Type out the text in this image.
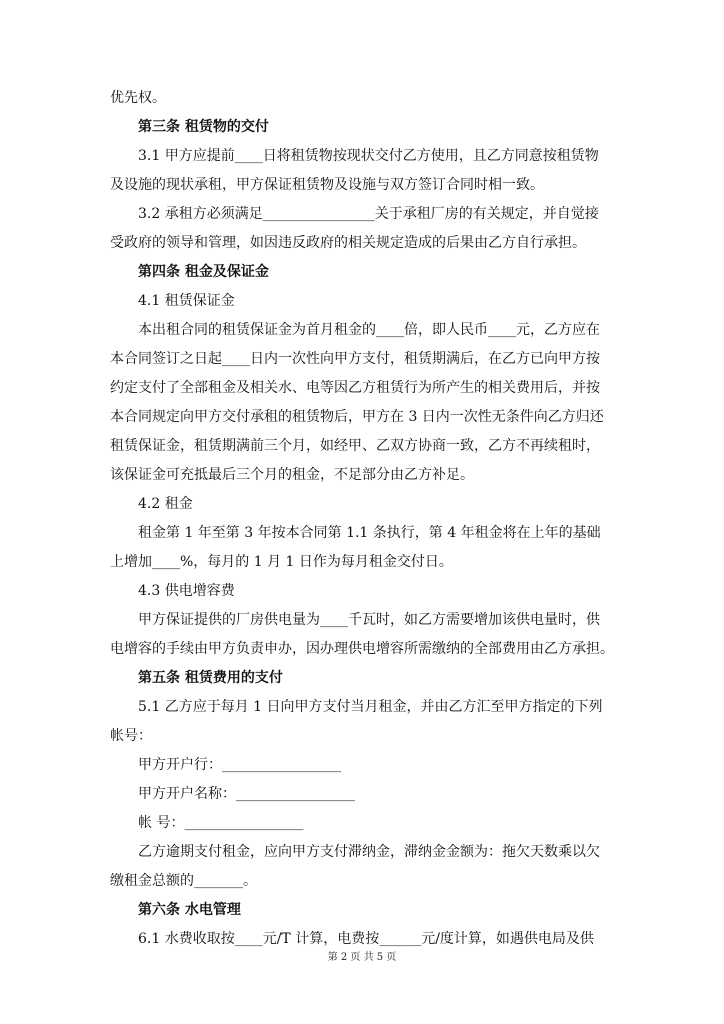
优先权。
第三条 租赁物的交付
3.1 甲方应提前____日将租赁物按现状交付乙方使用，且乙方同意按租赁物
及设施的现状承租，甲方保证租赁物及设施与双方签订合同时相一致。
3.2 承租方必须满足________________关于承租厂房的有关规定，并自觉接
受政府的领导和管理，如因违反政府的相关规定造成的后果由乙方自行承担。
第四条 租金及保证金
4.1 租赁保证金
本出租合同的租赁保证金为首月租金的____倍，即人民币____元，乙方应在
本合同签订之日起____日内一次性向甲方支付，租赁期满后，在乙方已向甲方按
约定支付了全部租金及相关水、电等因乙方租赁行为所产生的相关费用后，并按
本合同规定向甲方交付承租的租赁物后，甲方在 3 日内一次性无条件向乙方归还
租赁保证金，租赁期满前三个月，如经甲、乙双方协商一致，乙方不再续租时，
该保证金可充抵最后三个月的租金，不足部分由乙方补足。
4.2 租金
租金第 1 年至第 3 年按本合同第 1.1 条执行，第 4 年租金将在上年的基础
上增加____%，每月的 1 月 1 日作为每月租金交付日。
4.3 供电增容费
甲方保证提供的厂房供电量为____千瓦时，如乙方需要增加该供电量时，供
电增容的手续由甲方负责申办，因办理供电增容所需缴纳的全部费用由乙方承担。
第五条 租赁费用的支付
5.1 乙方应于每月 1 日向甲方支付当月租金，并由乙方汇至甲方指定的下列
帐号：
甲方开户行：_________________
甲方开户名称：_________________
帐 号：_________________
乙方逾期支付租金，应向甲方支付滞纳金，滞纳金金额为：拖欠天数乘以欠
缴租金总额的_______。
第六条 水电管理
6.1 水费收取按____元/T 计算，电费按______元/度计算，如遇供电局及供
第 2 页 共 5 页
